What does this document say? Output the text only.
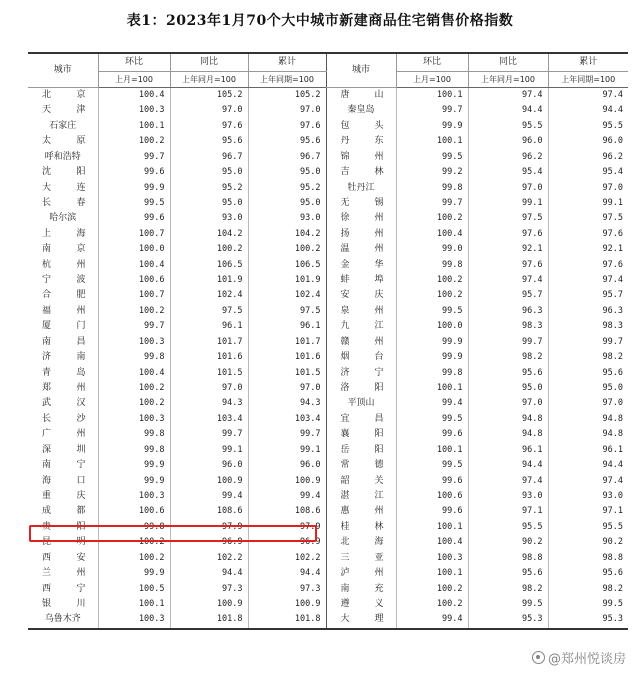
表1：2023年1月70个大中城市新建商品住宅销售价格指数
城市	环比	同比	累计	城市	环比	同比	累计
	上月=100	上年同月=100	上年同期=100		上月=100	上年同月=100	上年同期=100

北 京	100.4	105.2	105.2	唐 山	100.1	97.4	97.4

天 津	100.3	97.0	97.0	秦皇岛	99.7	94.4	94.4
石家庄	100.1	97.6	97.6	包 头	99.9	95.5	95.5

太 原	100.2	95.6	95.6	丹 东	100.1	96.0	96.0
呼和浩特	99.7	96.7	96.7	锦 州	99.5	96.2	96.2

沈 阳	99.6	95.0	95.0	吉 林	99.2	95.4	95.4

大 连	99.9	95.2	95.2	牡丹江	99.8	97.0	97.0

长 春	99.5	95.0	95.0	无 锡	99.7	99.1	99.1
哈尔滨	99.6	93.0	93.0	徐 州	100.2	97.5	97.5

上 海	100.7	104.2	104.2	扬 州	100.4	97.6	97.6

南 京	100.0	100.2	100.2	温 州	99.0	92.1	92.1

杭 州	100.4	106.5	106.5	金 华	99.8	97.6	97.6

宁 波	100.6	101.9	101.9	蚌 埠	100.2	97.4	97.4

合 肥	100.7	102.4	102.4	安 庆	100.2	95.7	95.7

福 州	100.2	97.5	97.5	泉 州	99.5	96.3	96.3

厦 门	99.7	96.1	96.1	九 江	100.0	98.3	98.3

南 昌	100.3	101.7	101.7	赣 州	99.9	99.7	99.7

济 南	99.8	101.6	101.6	烟 台	99.9	98.2	98.2

青 岛	100.4	101.5	101.5	济 宁	99.8	95.6	95.6

郑 州	100.2	97.0	97.0	洛 阳	100.1	95.0	95.0

武 汉	100.2	94.3	94.3	平顶山	99.4	97.0	97.0

长 沙	100.3	103.4	103.4	宜 昌	99.5	94.8	94.8

广 州	99.8	99.7	99.7	襄 阳	99.6	94.8	94.8

深 圳	99.8	99.1	99.1	岳 阳	100.1	96.1	96.1

南 宁	99.9	96.0	96.0	常 德	99.5	94.4	94.4

海 口	99.9	100.9	100.9	韶 关	99.6	97.4	97.4

重 庆	100.3	99.4	99.4	湛 江	100.6	93.0	93.0

成 都	100.6	108.6	108.6	惠 州	99.6	97.1	97.1

贵 阳	99.8	97.9	97.9	桂 林	100.1	95.5	95.5

昆 明	100.2	96.9	96.9	北 海	100.4	90.2	90.2

西 安	100.2	102.2	102.2	三 亚	100.3	98.8	98.8

兰 州	99.9	94.4	94.4	泸 州	100.1	95.6	95.6

西 宁	100.5	97.3	97.3	南 充	100.2	98.2	98.2

银 川	100.1	100.9	100.9	遵 义	100.2	99.5	99.5
乌鲁木齐	100.3	101.8	101.8	大 理	99.4	95.3	95.3
@郑州悦谈房
